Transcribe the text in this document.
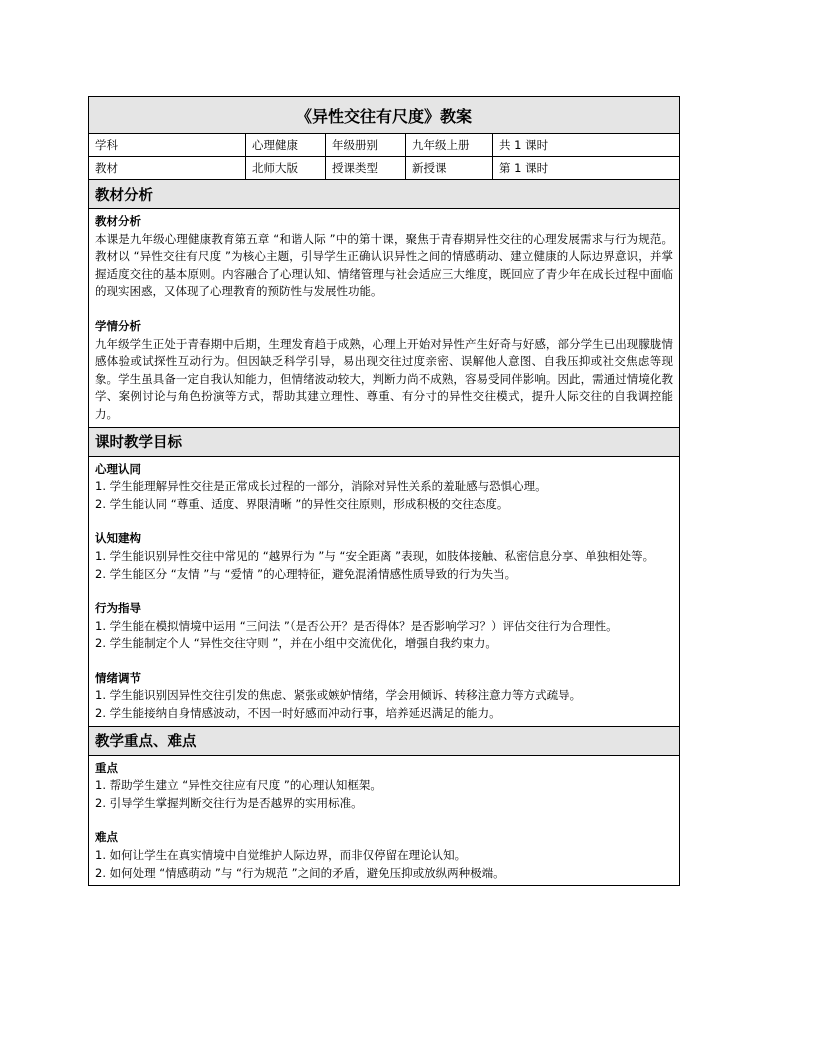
《异性交往有尺度》教案
学科	心理健康	年级册别	九年级上册	共 1 课时
教材	北师大版	授课类型	新授课	第 1 课时
教材分析
教材分析

本课是九年级心理健康教育第五章 “和谐人际 ”中的第十课，聚焦于青春期异性交往的心理发展需求与行为规范。教材以 “异性交往有尺度 ”为核心主题，引导学生正确认识异性之间的情感萌动、建立健康的人际边界意识，并掌握适度交往的基本原则。内容融合了心理认知、情绪管理与社会适应三大维度，既回应了青少年在成长过程中面临的现实困惑，又体现了心理教育的预防性与发展性功能。

学情分析

九年级学生正处于青春期中后期，生理发育趋于成熟，心理上开始对异性产生好奇与好感，部分学生已出现朦胧情感体验或试探性互动行为。但因缺乏科学引导，易出现交往过度亲密、误解他人意图、自我压抑或社交焦虑等现象。学生虽具备一定自我认知能力，但情绪波动较大，判断力尚不成熟，容易受同伴影响。因此，需通过情境化教学、案例讨论与角色扮演等方式，帮助其建立理性、尊重、有分寸的异性交往模式，提升人际交往的自我调控能力。

课时教学目标
心理认同
1. 学生能理解异性交往是正常成长过程的一部分，消除对异性关系的羞耻感与恐惧心理。
2. 学生能认同 “尊重、适度、界限清晰 ”的异性交往原则，形成积极的交往态度。
认知建构
1. 学生能识别异性交往中常见的 “越界行为 ”与 “安全距离 ”表现，如肢体接触、私密信息分享、单独相处等。
2. 学生能区分 “友情 ”与 “爱情 ”的心理特征，避免混淆情感性质导致的行为失当。
行为指导
1. 学生能在模拟情境中运用 “三问法 ”（是否公开？是否得体？是否影响学习？）评估交往行为合理性。
2. 学生能制定个人 “异性交往守则 ”，并在小组中交流优化，增强自我约束力。
情绪调节
1. 学生能识别因异性交往引发的焦虑、紧张或嫉妒情绪，学会用倾诉、转移注意力等方式疏导。
2. 学生能接纳自身情感波动，不因一时好感而冲动行事，培养延迟满足的能力。
教学重点、难点
重点
1. 帮助学生建立 “异性交往应有尺度 ”的心理认知框架。
2. 引导学生掌握判断交往行为是否越界的实用标准。
难点
1. 如何让学生在真实情境中自觉维护人际边界，而非仅停留在理论认知。
2. 如何处理 “情感萌动 ”与 “行为规范 ”之间的矛盾，避免压抑或放纵两种极端。
